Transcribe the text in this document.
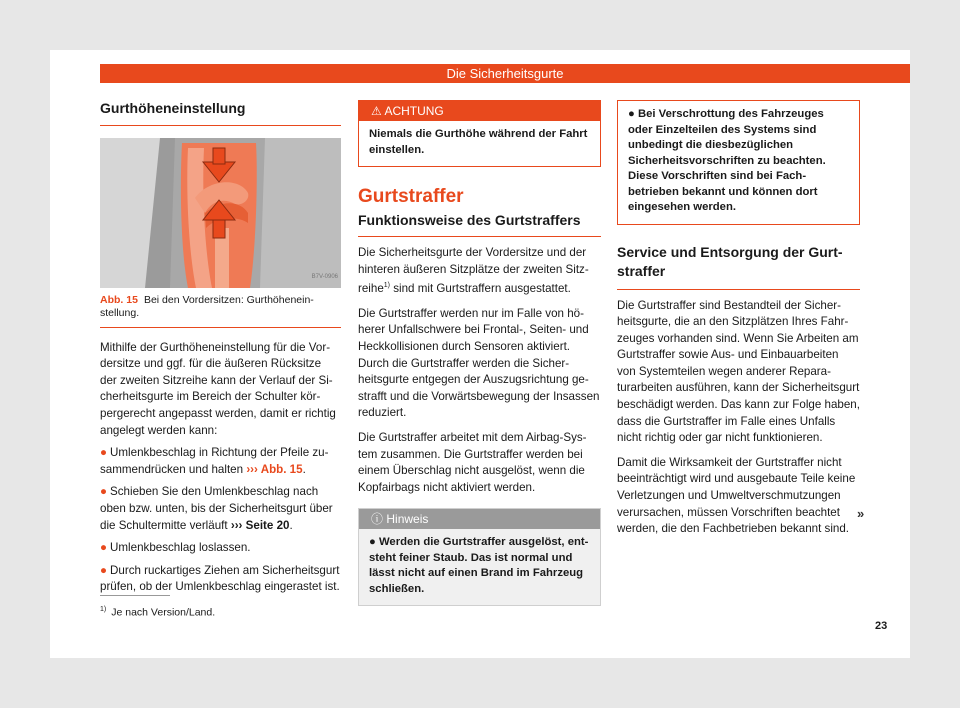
Die Sicherheitsgurte
Gurthöheneinstellung
B7V-0906
Abb. 15 Bei den Vordersitzen: Gurthöheneinstellung.

Mithilfe der Gurthöheneinstellung für die Vordersitze und ggf. für die äußeren Rücksitze der zweiten Sitzreihe kann der Verlauf der Sicherheitsgurte im Bereich der Schulter körpergerecht angepasst werden, damit er richtig angelegt werden kann:

● Umlenkbeschlag in Richtung der Pfeile zusammendrücken und halten ››› Abb. 15.
● Schieben Sie den Umlenkbeschlag nach oben bzw. unten, bis der Sicherheitsgurt über die Schultermitte verläuft ››› Seite 20.
● Umlenkbeschlag loslassen.
● Durch ruckartiges Ziehen am Sicherheitsgurt prüfen, ob der Umlenkbeschlag eingerastet ist.
⚠ ACHTUNG
Niemals die Gurthöhe während der Fahrt einstellen.
Gurtstraffer
Funktionsweise des Gurtstraffers

Die Sicherheitsgurte der Vordersitze und der hinteren äußeren Sitzplätze der zweiten Sitzreihe$^{1)}$ sind mit Gurtstraffern ausgestattet.

Die Gurtstraffer werden nur im Falle von höherer Unfallschwere bei Frontal-, Seiten- und Heckkollisionen durch Sensoren aktiviert. Durch die Gurtstraffer werden die Sicherheitsgurte entgegen der Auszugsrichtung gestrafft und die Vorwärtsbewegung der Insassen reduziert.

Die Gurtstraffer arbeitet mit dem Airbag-System zusammen. Die Gurtstraffer werden bei einem Überschlag nicht ausgelöst, wenn die Kopfairbags nicht aktiviert werden.

ⓘ Hinweis
● Werden die Gurtstraffer ausgelöst, entsteht feiner Staub. Das ist normal und lässt nicht auf einen Brand im Fahrzeug schließen.
● Bei Verschrottung des Fahrzeuges oder Einzelteilen des Systems sind unbedingt die diesbezüglichen Sicherheitsvorschriften zu beachten. Diese Vorschriften sind bei Fachbetrieben bekannt und können dort eingesehen werden.
Service und Entsorgung der Gurtstraffer

Die Gurtstraffer sind Bestandteil der Sicherheitsgurte, die an den Sitzplätzen Ihres Fahrzeuges vorhanden sind. Wenn Sie Arbeiten am Gurtstraffer sowie Aus- und Einbauarbeiten von Systemteilen wegen anderer Reparaturarbeiten ausführen, kann der Sicherheitsgurt beschädigt werden. Das kann zur Folge haben, dass die Gurtstraffer im Falle eines Unfalls nicht richtig oder gar nicht funktionieren.

Damit die Wirksamkeit der Gurtstraffer nicht beeinträchtigt wird und ausgebaute Teile keine Verletzungen und Umweltverschmutzungen verursachen, müssen Vorschriften beachtet werden, die den Fachbetrieben bekannt sind.

»
$^{1)}$ Je nach Version/Land.
23
